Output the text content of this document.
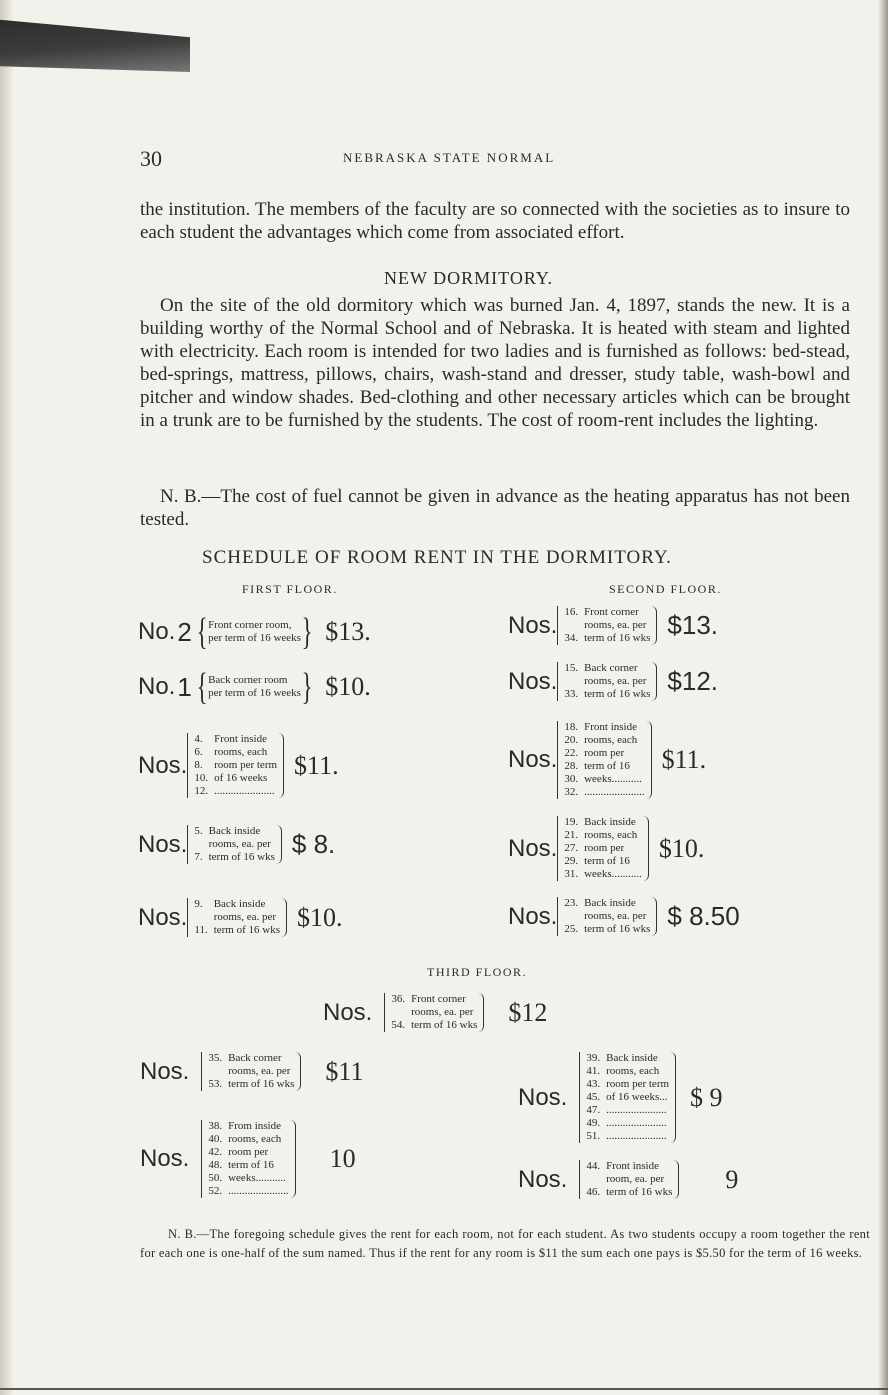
30	NEBRASKA STATE NORMAL

the institution. The members of the faculty are so connected with the societies as to insure to each student the advantages which come from associated effort.

NEW DORMITORY.

On the site of the old dormitory which was burned Jan. 4, 1897, stands the new. It is a building worthy of the Normal School and of Nebraska. It is heated with steam and lighted with electricity. Each room is intended for two ladies and is furnished as follows: bed-stead, bed-springs, mattress, pillows, chairs, wash-stand and dresser, study table, wash-bowl and pitcher and window shades. Bed-clothing and other necessary articles which can be brought in a trunk are to be furnished by the students. The cost of room-rent includes the lighting.

N. B.—The cost of fuel cannot be given in advance as the heating apparatus has not been tested.

SCHEDULE OF ROOM RENT IN THE DORMITORY.
FIRST FLOOR.	SECOND FLOOR.
No. 2 { Front corner room,
per term of 16 weeks } $13.
No. 1 { Back corner room
per term of 16 weeks } $10.
Nos.
4.
6.
8.
10.
12.
Front inside
rooms, each
room per term
of 16 weeks
......................
$11.
Nos. 5.

7.
Back inside
rooms, ea. per
term of 16 wks $ 8.
Nos. 9.

11.
Back inside
rooms, ea. per
term of 16 wks $10.
Nos. 16.

34.
Front corner
rooms, ea. per
term of 16 wks $13.
Nos. 15.

33.
Back corner
rooms, ea. per
term of 16 wks $12.
Nos.
18.
20.
22.
28.
30.
32.
Front inside
rooms, each
room per
term of 16
weeks...........
......................
$11.
Nos.
19.
21.
27.
29.
31.
Back inside
rooms, each
room per
term of 16
weeks...........
$10.
Nos. 23.

25.
Back inside
rooms, ea. per
term of 16 wks $ 8.50
THIRD FLOOR.
Nos. 36.

54.
Front corner
rooms, ea. per
term of 16 wks $12
Nos. 35.

53.
Back corner
rooms, ea. per
term of 16 wks $11
Nos.
39.
41.
43.
45.
47.
49.
51.
Back inside
rooms, each
room per term
of 16 weeks...
......................
......................
......................
$ 9
Nos.
38.
40.
42.
48.
50.
52.
From inside
rooms, each
room per
term of 16
weeks...........
......................
10
Nos. 44.

46.
Front inside
room, ea. per
term of 16 wks 9

N. B.—The foregoing schedule gives the rent for each room, not for each student. As two students occupy a room together the rent for each one is one-half of the sum named. Thus if the rent for any room is $11 the sum each one pays is $5.50 for the term of 16 weeks.
